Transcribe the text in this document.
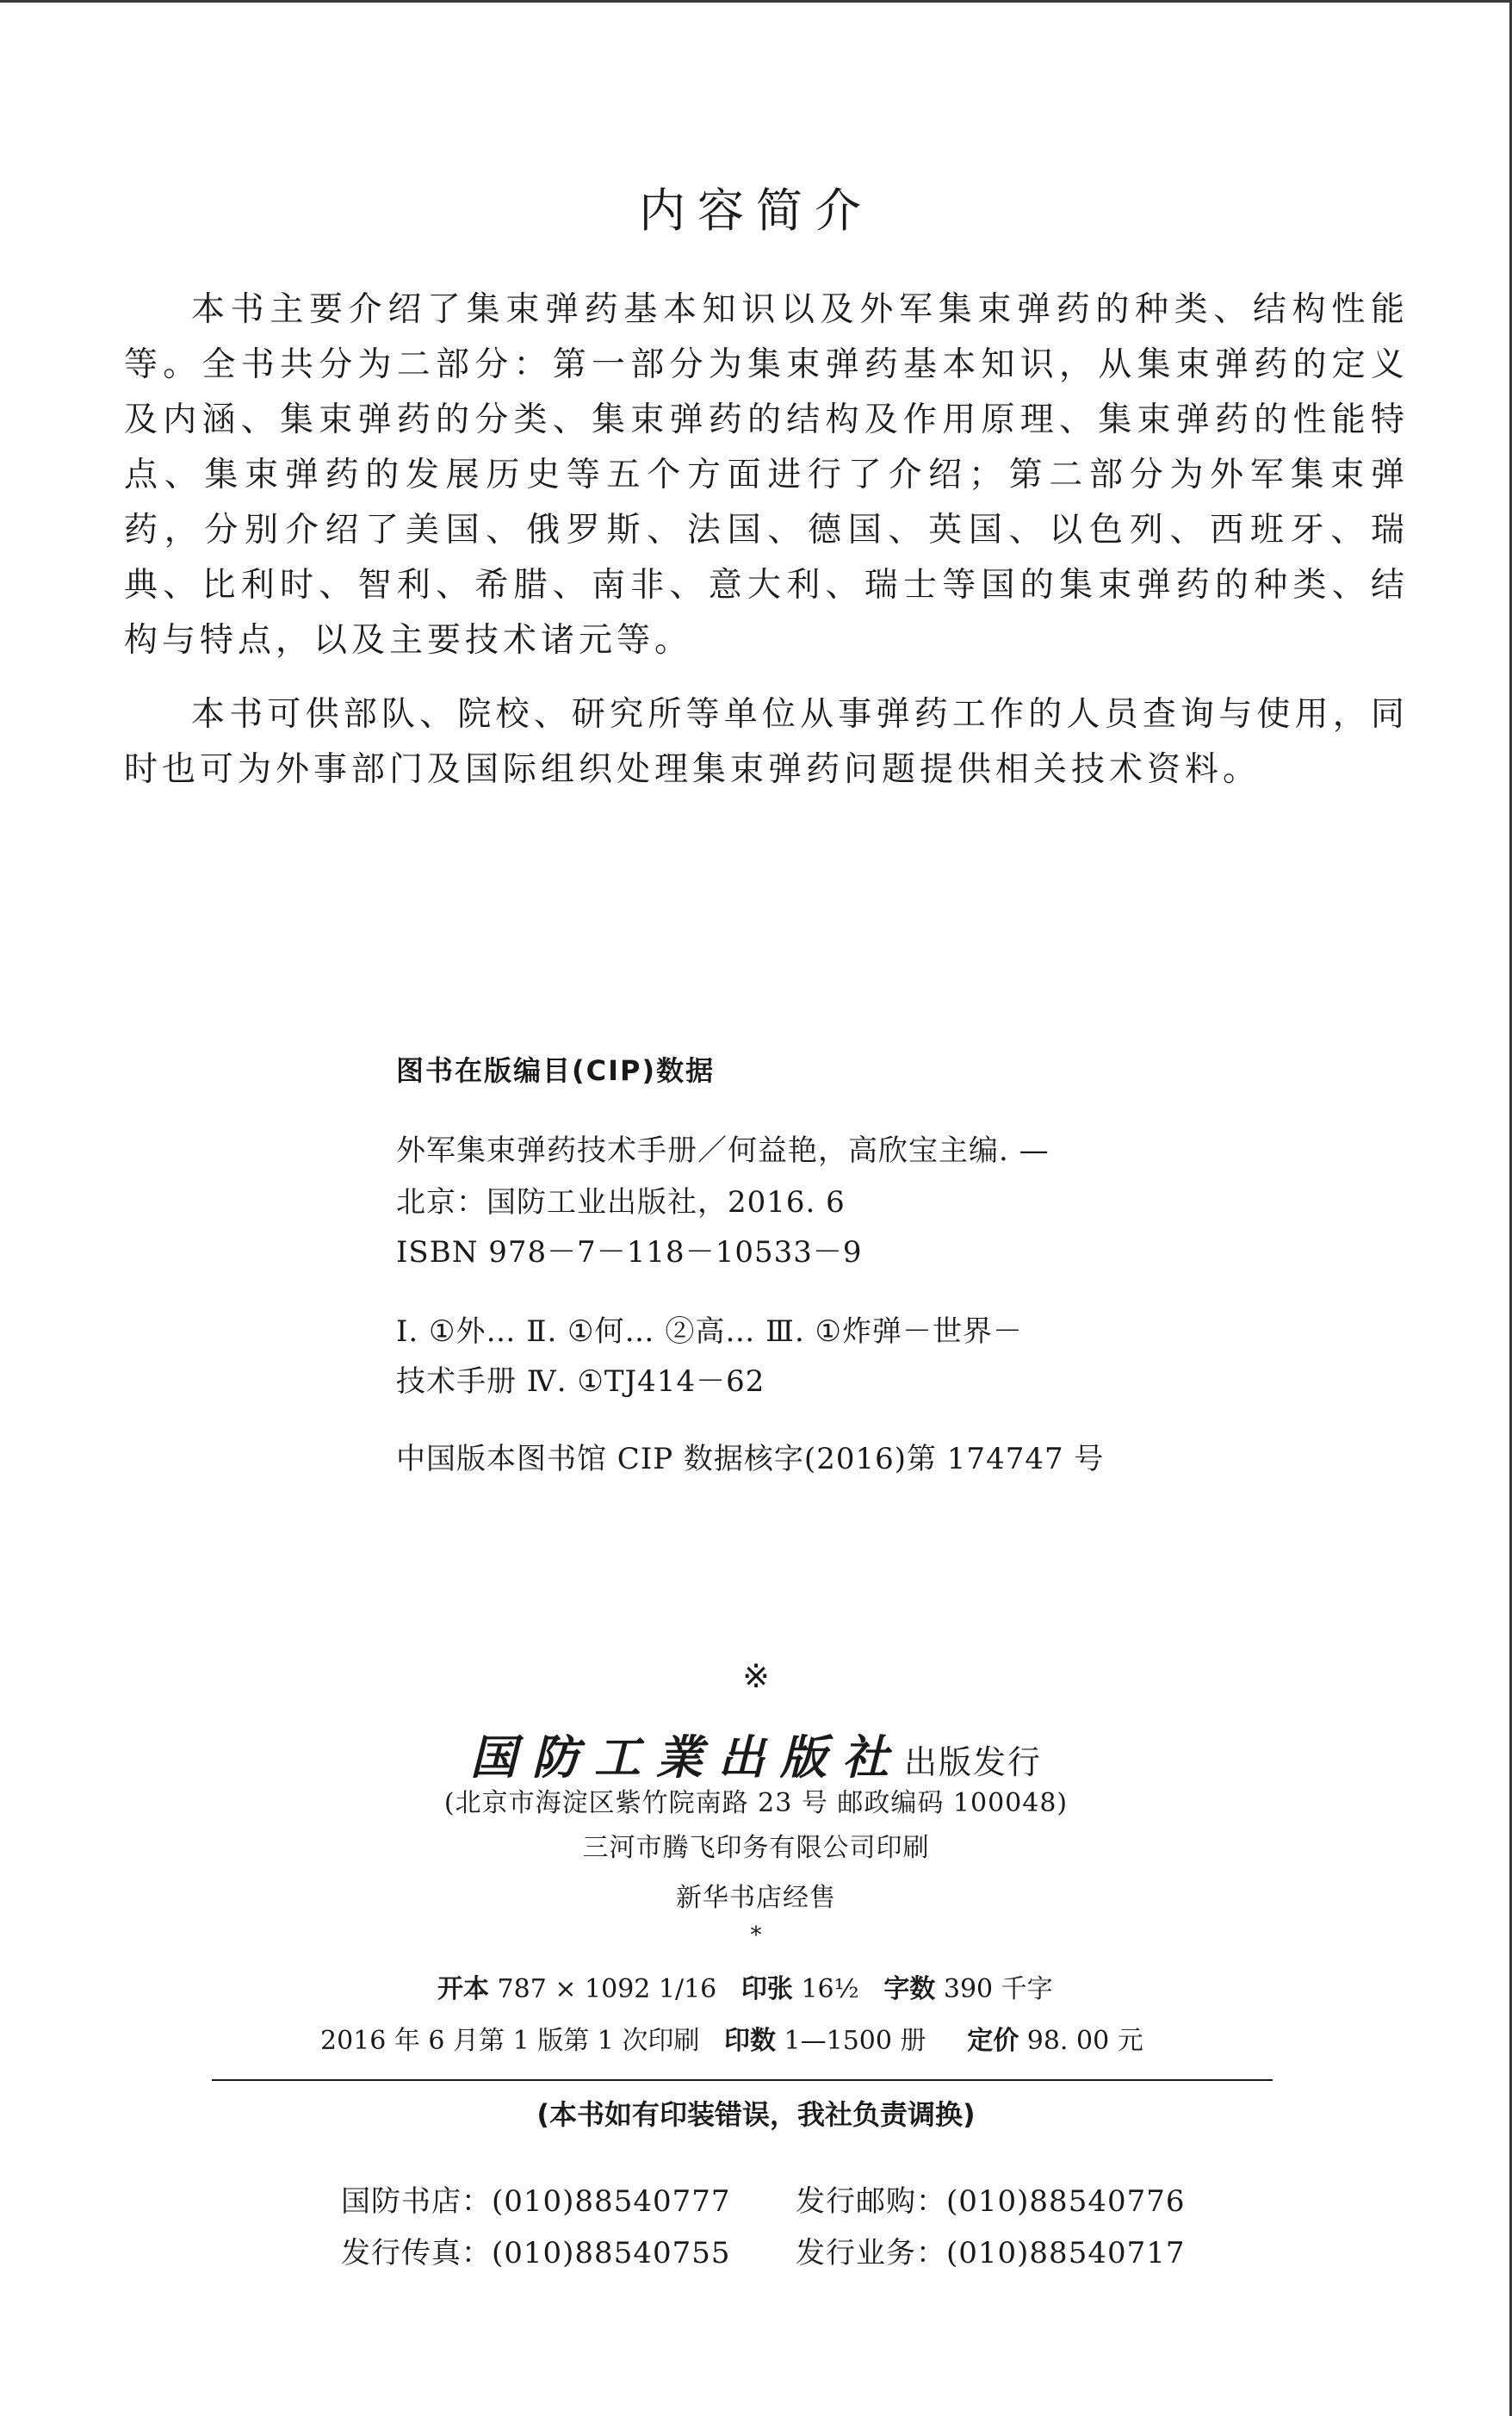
内容简介

本书主要介绍了集束弹药基本知识以及外军集束弹药的种类、结构性能等。全书共分为二部分：第一部分为集束弹药基本知识，从集束弹药的定义及内涵、集束弹药的分类、集束弹药的结构及作用原理、集束弹药的性能特点、集束弹药的发展历史等五个方面进行了介绍；第二部分为外军集束弹药，分别介绍了美国、俄罗斯、法国、德国、英国、以色列、西班牙、瑞典、比利时、智利、希腊、南非、意大利、瑞士等国的集束弹药的种类、结构与特点，以及主要技术诸元等。

本书可供部队、院校、研究所等单位从事弹药工作的人员查询与使用，同时也可为外事部门及国际组织处理集束弹药问题提供相关技术资料。

图书在版编目(CIP)数据
外军集束弹药技术手册／何益艳，高欣宝主编. —
北京：国防工业出版社，2016. 6
ISBN 978－7－118－10533－9
Ⅰ. ①外… Ⅱ. ①何… ②高… Ⅲ. ①炸弹－世界－
技术手册 Ⅳ. ①TJ414－62
中国版本图书馆 CIP 数据核字(2016)第 174747 号
※
国防工業出版社出版发行
(北京市海淀区紫竹院南路 23 号 邮政编码 100048)
三河市腾飞印务有限公司印刷
新华书店经售
*
开本 787 × 1092 1/16 印张 16½ 字数 390 千字
2016 年 6 月第 1 版第 1 次印刷 印数 1—1500 册 定价 98. 00 元
(本书如有印装错误，我社负责调换)
国防书店：(010)88540777 发行邮购：(010)88540776
发行传真：(010)88540755 发行业务：(010)88540717
